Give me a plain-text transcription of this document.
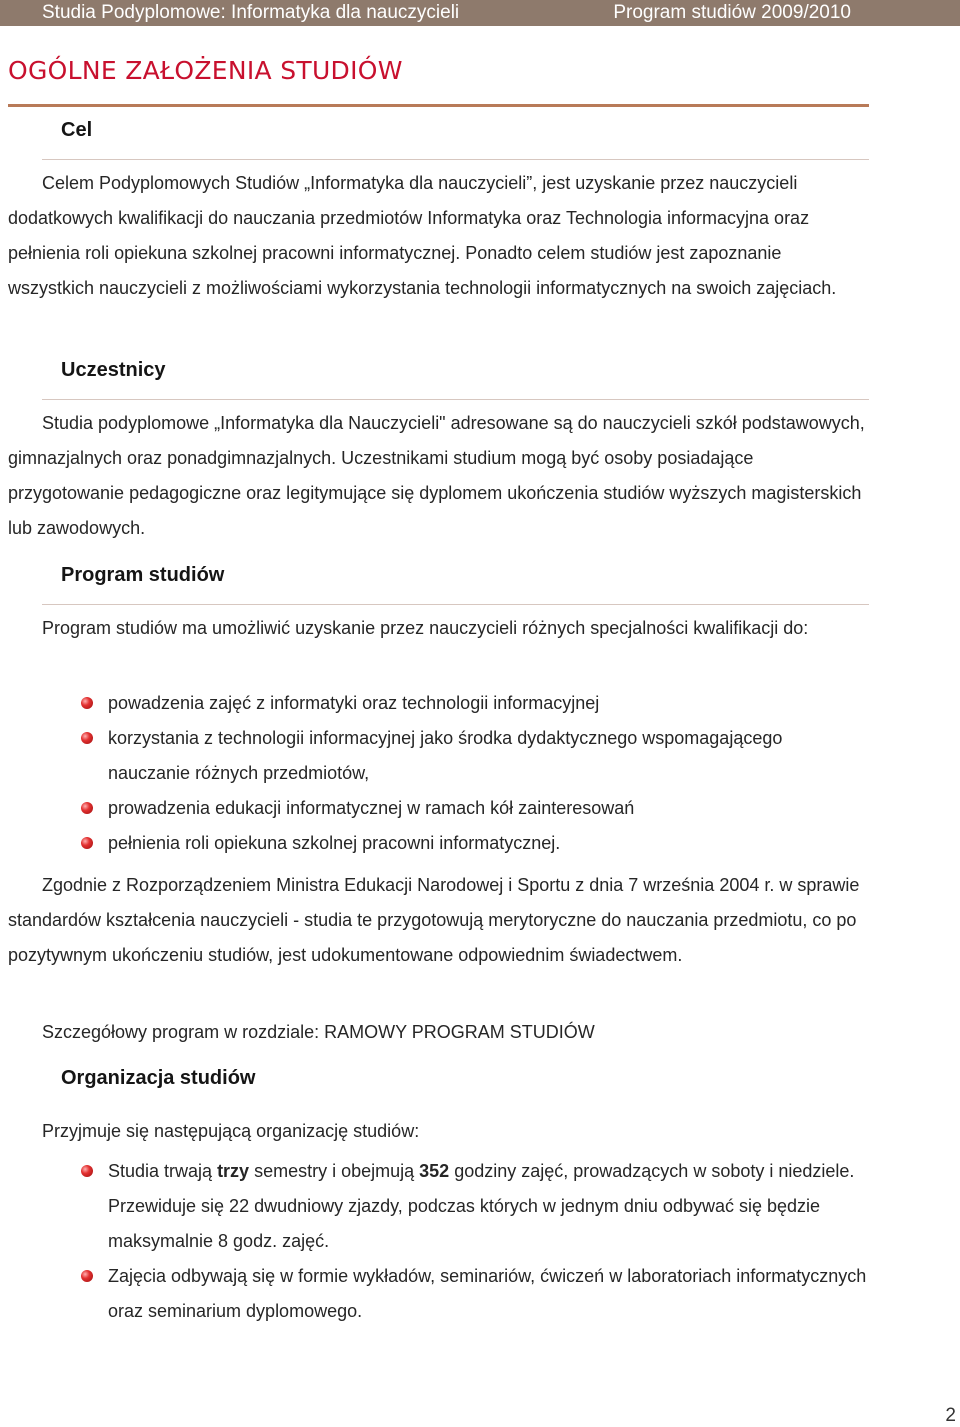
Studia Podyplomowe: Informatyka dla nauczycieli	Program studiów 2009/2010
OGÓLNE ZAŁOŻENIA STUDIÓW
Cel

Celem Podyplomowych Studiów „Informatyka dla nauczycieli”, jest uzyskanie przez nauczycieli dodatkowych kwalifikacji do nauczania przedmiotów Informatyka oraz Technologia informacyjna oraz pełnienia roli opiekuna szkolnej pracowni informatycznej. Ponadto celem studiów jest zapoznanie wszystkich nauczycieli z możliwościami wykorzystania technologii informatycznych na swoich zajęciach.

Uczestnicy

Studia podyplomowe „Informatyka dla Nauczycieli" adresowane są do nauczycieli szkół podstawowych, gimnazjalnych oraz ponadgimnazjalnych. Uczestnikami studium mogą być osoby posiadające przygotowanie pedagogiczne oraz legitymujące się dyplomem ukończenia studiów wyższych magisterskich lub zawodowych.

Program studiów

Program studiów ma umożliwić uzyskanie przez nauczycieli różnych specjalności kwalifikacji do:

powadzenia zajęć z informatyki oraz technologii informacyjnej
korzystania z technologii informacyjnej jako środka dydaktycznego wspomagającego nauczanie różnych przedmiotów,
prowadzenia edukacji informatycznej w ramach kół zainteresowań
pełnienia roli opiekuna szkolnej pracowni informatycznej.

Zgodnie z Rozporządzeniem Ministra Edukacji Narodowej i Sportu z dnia 7 września 2004 r. w sprawie standardów kształcenia nauczycieli - studia te przygotowują merytoryczne do nauczania przedmiotu, co po pozytywnym ukończeniu studiów, jest udokumentowane odpowiednim świadectwem.

Szczegółowy program w rozdziale: RAMOWY PROGRAM STUDIÓW

Organizacja studiów

Przyjmuje się następującą organizację studiów:

Studia trwają trzy semestry i obejmują 352 godziny zajęć, prowadzących w soboty i niedziele. Przewiduje się 22 dwudniowy zjazdy, podczas których w jednym dniu odbywać się będzie maksymalnie 8 godz. zajęć.
Zajęcia odbywają się w formie wykładów, seminariów, ćwiczeń w laboratoriach informatycznych oraz seminarium dyplomowego.
2
